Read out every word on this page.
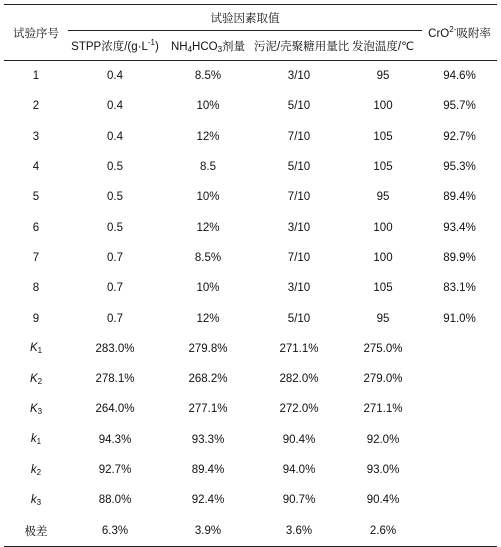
试验序号	试验因素取值				CrO$^{2-}$吸附率
	STPP浓度$/(g\cdot L^{-1})$	$NH_4HCO_3$剂量	污泥/壳聚糖用量比	发泡温度/℃	
1	0.4	8.5%	3/10	95	94.6%
2	0.4	10%	5/10	100	95.7%
3	0.4	12%	7/10	105	92.7%
4	0.5	8.5	5/10	105	95.3%
5	0.5	10%	7/10	95	89.4%
6	0.5	12%	3/10	100	93.4%
7	0.7	8.5%	7/10	100	89.9%
8	0.7	10%	3/10	105	83.1%
9	0.7	12%	5/10	95	91.0%
$K_1$	283.0%	279.8%	271.1%	275.0%	
$K_2$	278.1%	268.2%	282.0%	279.0%	
$K_3$	264.0%	277.1%	272.0%	271.1%	
$k_1$	94.3%	93.3%	90.4%	92.0%	
$k_2$	92.7%	89.4%	94.0%	93.0%	
$k_3$	88.0%	92.4%	90.7%	90.4%	
极差	6.3%	3.9%	3.6%	2.6%	
